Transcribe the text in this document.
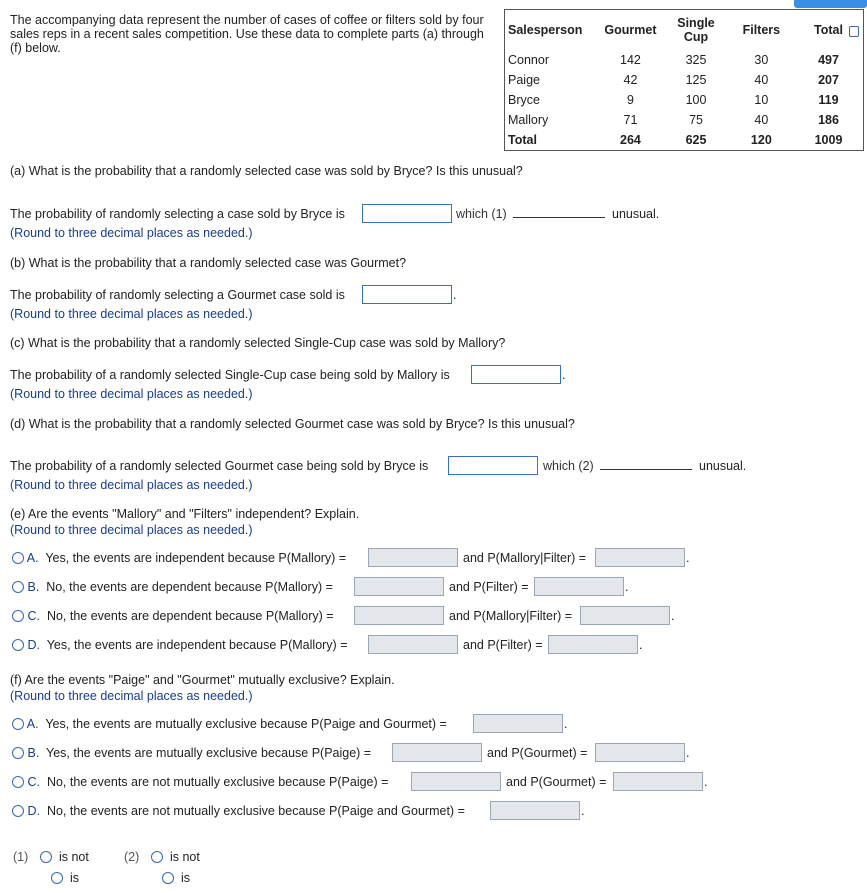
The accompanying data represent the number of cases of coffee or filters sold by four sales reps in a recent sales competition. Use these data to complete parts (a) through (f) below.
Salesperson	Gourmet	Single Cup	Filters	Total
Connor	142	325	30	497
Paige	42	125	40	207
Bryce	9	100	10	119
Mallory	71	75	40	186
Total	264	625	120	1009
(a) What is the probability that a randomly selected case was sold by Bryce? Is this unusual?
The probability of randomly selecting a case sold by Bryce is	which (1)	unusual.
(Round to three decimal places as needed.)
(b) What is the probability that a randomly selected case was Gourmet?
The probability of randomly selecting a Gourmet case sold is	.
(Round to three decimal places as needed.)
(c) What is the probability that a randomly selected Single-Cup case was sold by Mallory?
The probability of a randomly selected Single-Cup case being sold by Mallory is	.
(Round to three decimal places as needed.)
(d) What is the probability that a randomly selected Gourmet case was sold by Bryce? Is this unusual?
The probability of a randomly selected Gourmet case being sold by Bryce is	which (2)	unusual.
(Round to three decimal places as needed.)
(e) Are the events "Mallory" and "Filters" independent? Explain.
(Round to three decimal places as needed.)
A. Yes, the events are independent because P(Mallory) =	and P(Mallory|Filter) =	.
B. No, the events are dependent because P(Mallory) =	and P(Filter) =	.
C. No, the events are dependent because P(Mallory) =	and P(Mallory|Filter) =	.
D. Yes, the events are independent because P(Mallory) =	and P(Filter) =	.
(f) Are the events "Paige" and "Gourmet" mutually exclusive? Explain.
(Round to three decimal places as needed.)
A. Yes, the events are mutually exclusive because P(Paige and Gourmet) =	.
B. Yes, the events are mutually exclusive because P(Paige) =	and P(Gourmet) =	.
C. No, the events are not mutually exclusive because P(Paige) =	and P(Gourmet) =	.
D. No, the events are not mutually exclusive because P(Paige and Gourmet) =	.
(1)	is not
is
(2)	is not
is
